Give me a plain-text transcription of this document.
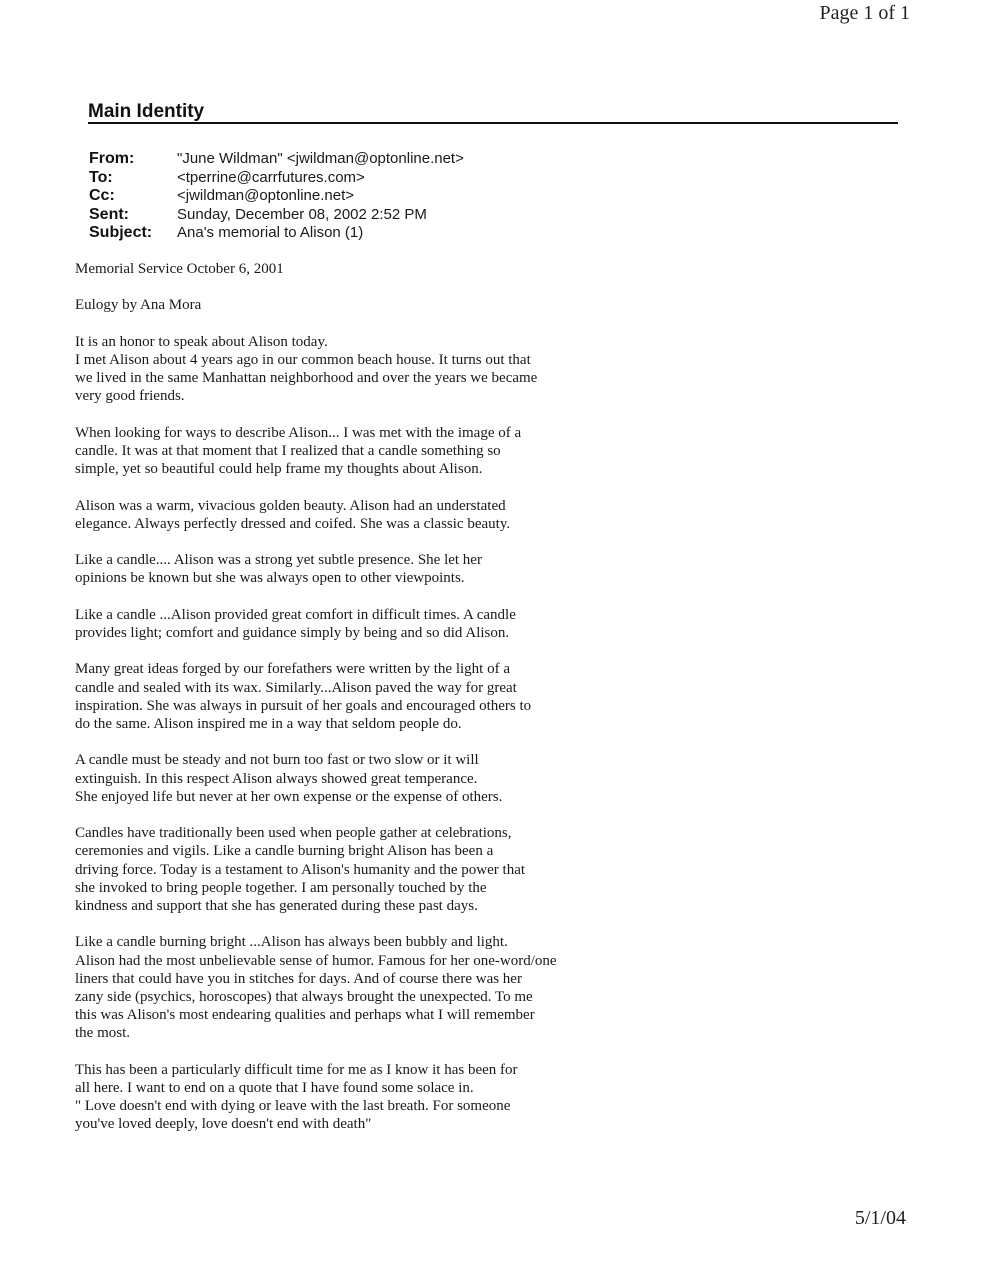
Page 1 of 1
Main Identity
From:	"June Wildman" <jwildman@optonline.net>
To:	<tperrine@carrfutures.com>
Cc:	<jwildman@optonline.net>
Sent:	Sunday, December 08, 2002 2:52 PM
Subject:	Ana's memorial to Alison (1)

Memorial Service October 6, 2001

Eulogy by Ana Mora

It is an honor to speak about Alison today.
I met Alison about 4 years ago in our common beach house. It turns out that
we lived in the same Manhattan neighborhood and over the years we became
very good friends.

When looking for ways to describe Alison... I was met with the image of a
candle. It was at that moment that I realized that a candle something so
simple, yet so beautiful could help frame my thoughts about Alison.

Alison was a warm, vivacious golden beauty. Alison had an understated
elegance. Always perfectly dressed and coifed. She was a classic beauty.

Like a candle.... Alison was a strong yet subtle presence. She let her
opinions be known but she was always open to other viewpoints.

Like a candle ...Alison provided great comfort in difficult times. A candle
provides light; comfort and guidance simply by being and so did Alison.

Many great ideas forged by our forefathers were written by the light of a
candle and sealed with its wax. Similarly...Alison paved the way for great
inspiration. She was always in pursuit of her goals and encouraged others to
do the same. Alison inspired me in a way that seldom people do.

A candle must be steady and not burn too fast or two slow or it will
extinguish. In this respect Alison always showed great temperance.
She enjoyed life but never at her own expense or the expense of others.

Candles have traditionally been used when people gather at celebrations,
ceremonies and vigils. Like a candle burning bright Alison has been a
driving force. Today is a testament to Alison's humanity and the power that
she invoked to bring people together. I am personally touched by the
kindness and support that she has generated during these past days.

Like a candle burning bright ...Alison has always been bubbly and light.
Alison had the most unbelievable sense of humor. Famous for her one-word/one
liners that could have you in stitches for days. And of course there was her
zany side (psychics, horoscopes) that always brought the unexpected. To me
this was Alison's most endearing qualities and perhaps what I will remember
the most.

This has been a particularly difficult time for me as I know it has been for
all here. I want to end on a quote that I have found some solace in.
" Love doesn't end with dying or leave with the last breath. For someone
you've loved deeply, love doesn't end with death"

5/1/04
